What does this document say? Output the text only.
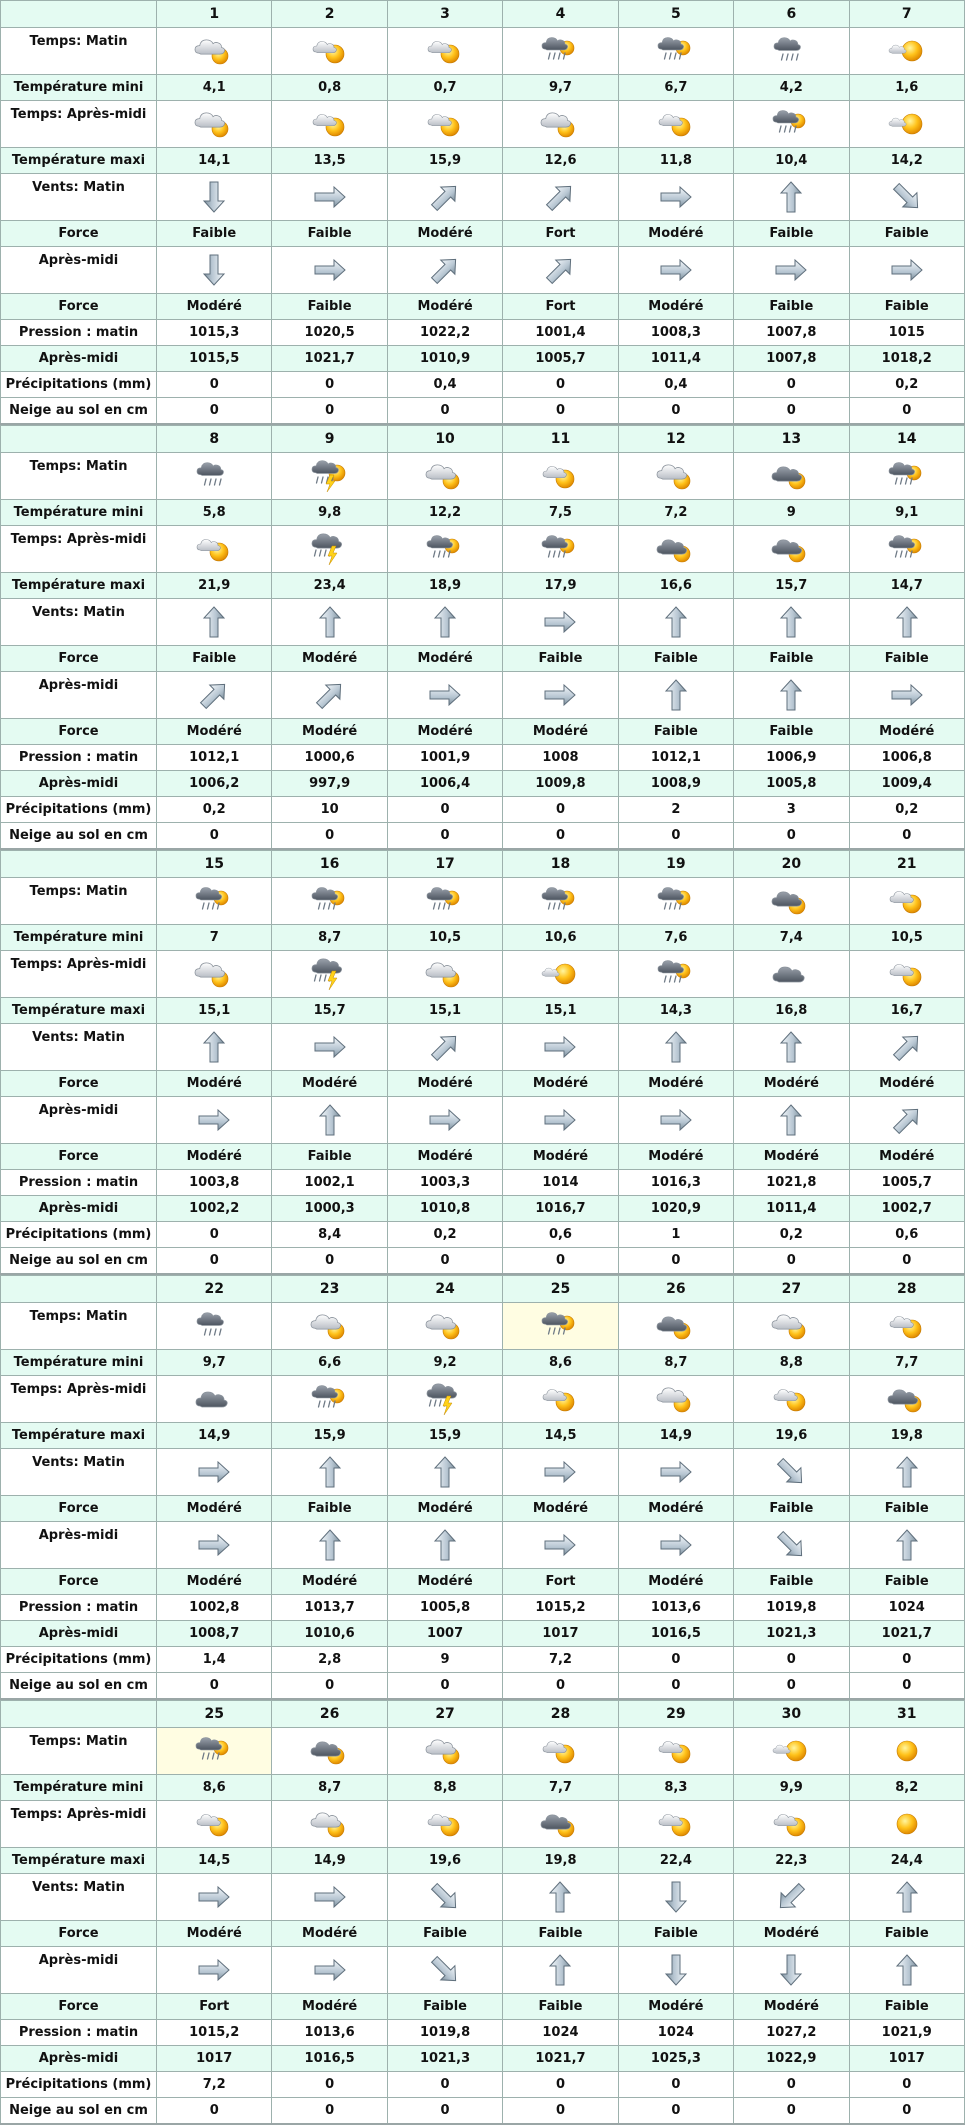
	1	2	3	4	5	6	7
Temps: Matin	

Température mini	4,1	0,8	0,7	9,7	6,7	4,2	1,6
Temps: Après-midi	

Température maxi	14,1	13,5	15,9	12,6	11,8	10,4	14,2
Vents: Matin	

Force	Faible	Faible	Modéré	Fort	Modéré	Faible	Faible
Après-midi	

Force	Modéré	Faible	Modéré	Fort	Modéré	Faible	Faible
Pression : matin	1015,3	1020,5	1022,2	1001,4	1008,3	1007,8	1015
Après-midi	1015,5	1021,7	1010,9	1005,7	1011,4	1007,8	1018,2
Précipitations (mm)	0	0	0,4	0	0,4	0	0,2
Neige au sol en cm	0	0	0	0	0	0	0
	8	9	10	11	12	13	14
Temps: Matin	

Température mini	5,8	9,8	12,2	7,5	7,2	9	9,1
Temps: Après-midi	

Température maxi	21,9	23,4	18,9	17,9	16,6	15,7	14,7
Vents: Matin	

Force	Faible	Modéré	Modéré	Faible	Faible	Faible	Faible
Après-midi	

Force	Modéré	Modéré	Modéré	Modéré	Faible	Faible	Modéré
Pression : matin	1012,1	1000,6	1001,9	1008	1012,1	1006,9	1006,8
Après-midi	1006,2	997,9	1006,4	1009,8	1008,9	1005,8	1009,4
Précipitations (mm)	0,2	10	0	0	2	3	0,2
Neige au sol en cm	0	0	0	0	0	0	0
	15	16	17	18	19	20	21
Temps: Matin	

Température mini	7	8,7	10,5	10,6	7,6	7,4	10,5
Temps: Après-midi	

Température maxi	15,1	15,7	15,1	15,1	14,3	16,8	16,7
Vents: Matin	

Force	Modéré	Modéré	Modéré	Modéré	Modéré	Modéré	Modéré
Après-midi	

Force	Modéré	Faible	Modéré	Modéré	Modéré	Modéré	Modéré
Pression : matin	1003,8	1002,1	1003,3	1014	1016,3	1021,8	1005,7
Après-midi	1002,2	1000,3	1010,8	1016,7	1020,9	1011,4	1002,7
Précipitations (mm)	0	8,4	0,2	0,6	1	0,2	0,6
Neige au sol en cm	0	0	0	0	0	0	0
	22	23	24	25	26	27	28
Temps: Matin	

Température mini	9,7	6,6	9,2	8,6	8,7	8,8	7,7
Temps: Après-midi	

Température maxi	14,9	15,9	15,9	14,5	14,9	19,6	19,8
Vents: Matin	

Force	Modéré	Faible	Modéré	Modéré	Modéré	Faible	Faible
Après-midi	

Force	Modéré	Modéré	Modéré	Fort	Modéré	Faible	Faible
Pression : matin	1002,8	1013,7	1005,8	1015,2	1013,6	1019,8	1024
Après-midi	1008,7	1010,6	1007	1017	1016,5	1021,3	1021,7
Précipitations (mm)	1,4	2,8	9	7,2	0	0	0
Neige au sol en cm	0	0	0	0	0	0	0
	25	26	27	28	29	30	31
Temps: Matin	

Température mini	8,6	8,7	8,8	7,7	8,3	9,9	8,2
Temps: Après-midi	

Température maxi	14,5	14,9	19,6	19,8	22,4	22,3	24,4
Vents: Matin	

Force	Modéré	Modéré	Faible	Faible	Faible	Modéré	Faible
Après-midi	

Force	Fort	Modéré	Faible	Faible	Modéré	Modéré	Faible
Pression : matin	1015,2	1013,6	1019,8	1024	1024	1027,2	1021,9
Après-midi	1017	1016,5	1021,3	1021,7	1025,3	1022,9	1017
Précipitations (mm)	7,2	0	0	0	0	0	0
Neige au sol en cm	0	0	0	0	0	0	0
